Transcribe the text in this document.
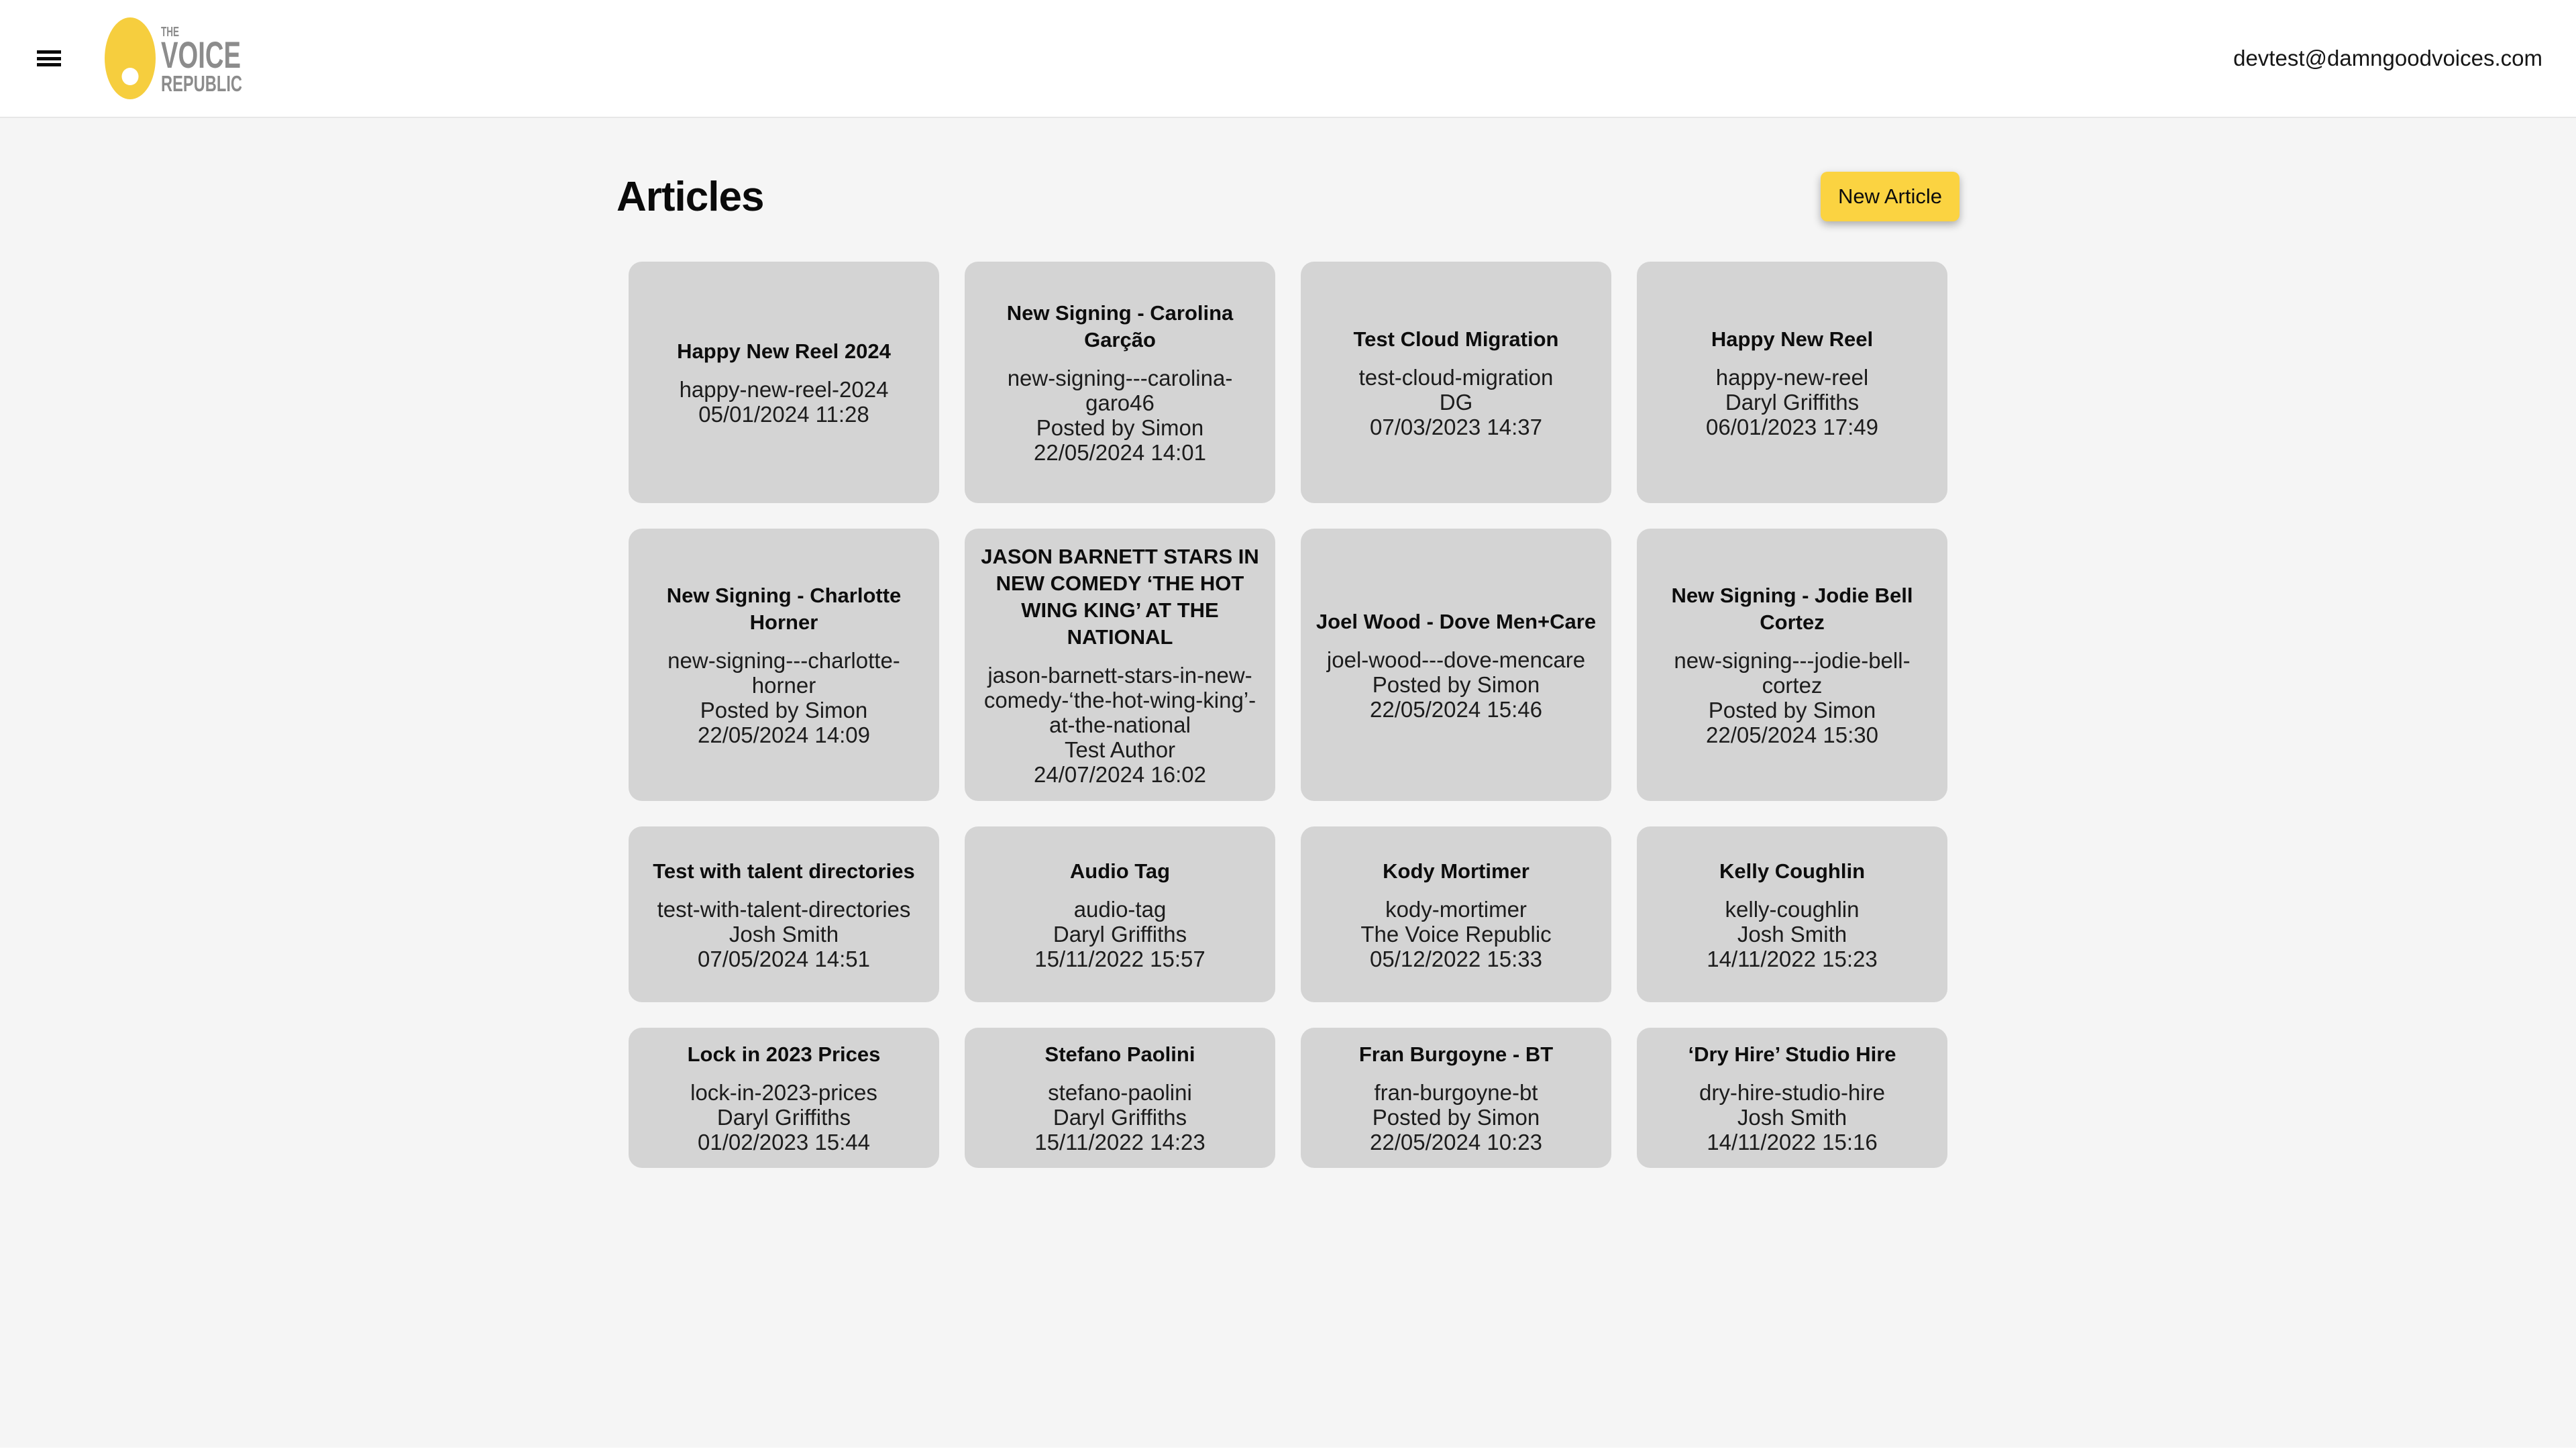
THE
VOICE
REPUBLIC
devtest@damngoodvoices.com
Articles	New Article
Happy New Reel 2024
happy-new-reel-2024
05/01/2024 11:28
New Signing - Carolina Garção
new-signing---carolina-garo46
Posted by Simon
22/05/2024 14:01
Test Cloud Migration
test-cloud-migration
DG
07/03/2023 14:37
Happy New Reel
happy-new-reel
Daryl Griffiths
06/01/2023 17:49
New Signing - Charlotte Horner
new-signing---charlotte-horner
Posted by Simon
22/05/2024 14:09
JASON BARNETT STARS IN NEW COMEDY ‘THE HOT WING KING’ AT THE NATIONAL
jason-barnett-stars-in-new-comedy-‘the-hot-wing-king’-at-the-national
Test Author
24/07/2024 16:02
Joel Wood - Dove Men+Care
joel-wood---dove-mencare
Posted by Simon
22/05/2024 15:46
New Signing - Jodie Bell Cortez
new-signing---jodie-bell-cortez
Posted by Simon
22/05/2024 15:30
Test with talent directories
test-with-talent-directories
Josh Smith
07/05/2024 14:51
Audio Tag
audio-tag
Daryl Griffiths
15/11/2022 15:57
Kody Mortimer
kody-mortimer
The Voice Republic
05/12/2022 15:33
Kelly Coughlin
kelly-coughlin
Josh Smith
14/11/2022 15:23
Lock in 2023 Prices
lock-in-2023-prices
Daryl Griffiths
01/02/2023 15:44
Stefano Paolini
stefano-paolini
Daryl Griffiths
15/11/2022 14:23
Fran Burgoyne - BT
fran-burgoyne-bt
Posted by Simon
22/05/2024 10:23
‘Dry Hire’ Studio Hire
dry-hire-studio-hire
Josh Smith
14/11/2022 15:16
